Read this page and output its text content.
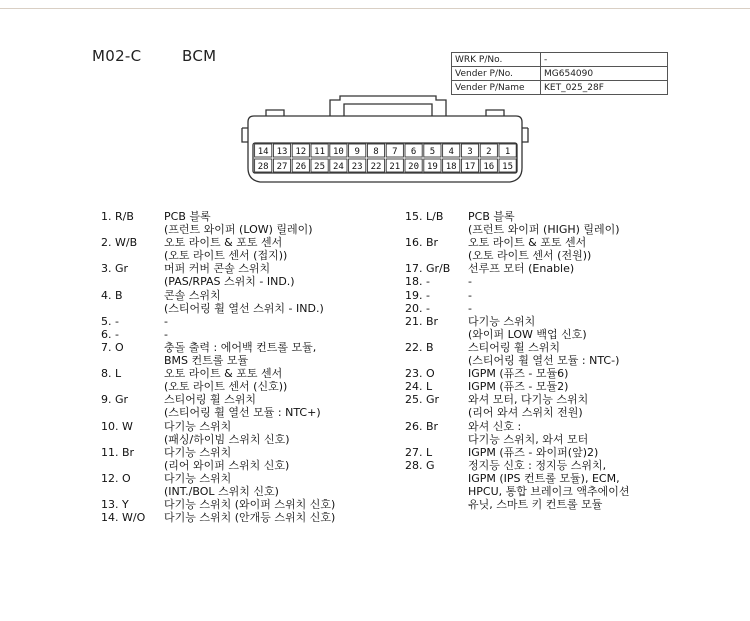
M02-C	BCM	WRK P/No.	-
Vender P/No.	MG654090
Vender P/Name	KET_025_28F
14 13 12 11 10 9 8 7 6 5 4 3 2 1
28 27 26 25 24 23 22 21 20 19 18 17 16 15
1. R/B	PCB 블록
(프런트 와이퍼 (LOW) 릴레이)
2. W/B	오토 라이트 & 포토 센서
(오토 라이트 센서 (접지))
3. Gr	머퍼 커버 콘솔 스위치
(PAS/RPAS 스위치 - IND.)
4. B	콘솔 스위치
(스티어링 휠 열선 스위치 - IND.)
5. -	-
6. -	-
7. O	충돌 출력 : 에어백 컨트롤 모듈,
BMS 컨트롤 모듈
8. L	오토 라이트 & 포토 센서
(오토 라이트 센서 (신호))
9. Gr	스티어링 휠 스위치
(스티어링 휠 열선 모듈 : NTC+)
10. W	다기능 스위치
(패싱/하이빔 스위치 신호)
11. Br	다기능 스위치
(리어 와이퍼 스위치 신호)
12. O	다기능 스위치
(INT./BOL 스위치 신호)
13. Y	다기능 스위치 (와이퍼 스위치 신호)
14. W/O	다기능 스위치 (안개등 스위치 신호)
15. L/B	PCB 블록
(프런트 와이퍼 (HIGH) 릴레이)
16. Br	오토 라이트 & 포토 센서
(오토 라이트 센서 (전원))
17. Gr/B	선루프 모터 (Enable)
18. -	-
19. -	-
20. -	-
21. Br	다기능 스위치
(와이퍼 LOW 백업 신호)
22. B	스티어링 휠 스위치
(스티어링 휠 열선 모듈 : NTC-)
23. O	IGPM (퓨즈 - 모듈6)
24. L	IGPM (퓨즈 - 모듈2)
25. Gr	와셔 모터, 다기능 스위치
(리어 와셔 스위치 전원)
26. Br	와셔 신호 :
다기능 스위치, 와셔 모터
27. L	IGPM (퓨즈 - 와이퍼(앞)2)
28. G	정지등 신호 : 정지등 스위치,
IGPM (IPS 컨트롤 모듈), ECM,
HPCU, 통합 브레이크 액추에이션
유닛, 스마트 키 컨트롤 모듈
